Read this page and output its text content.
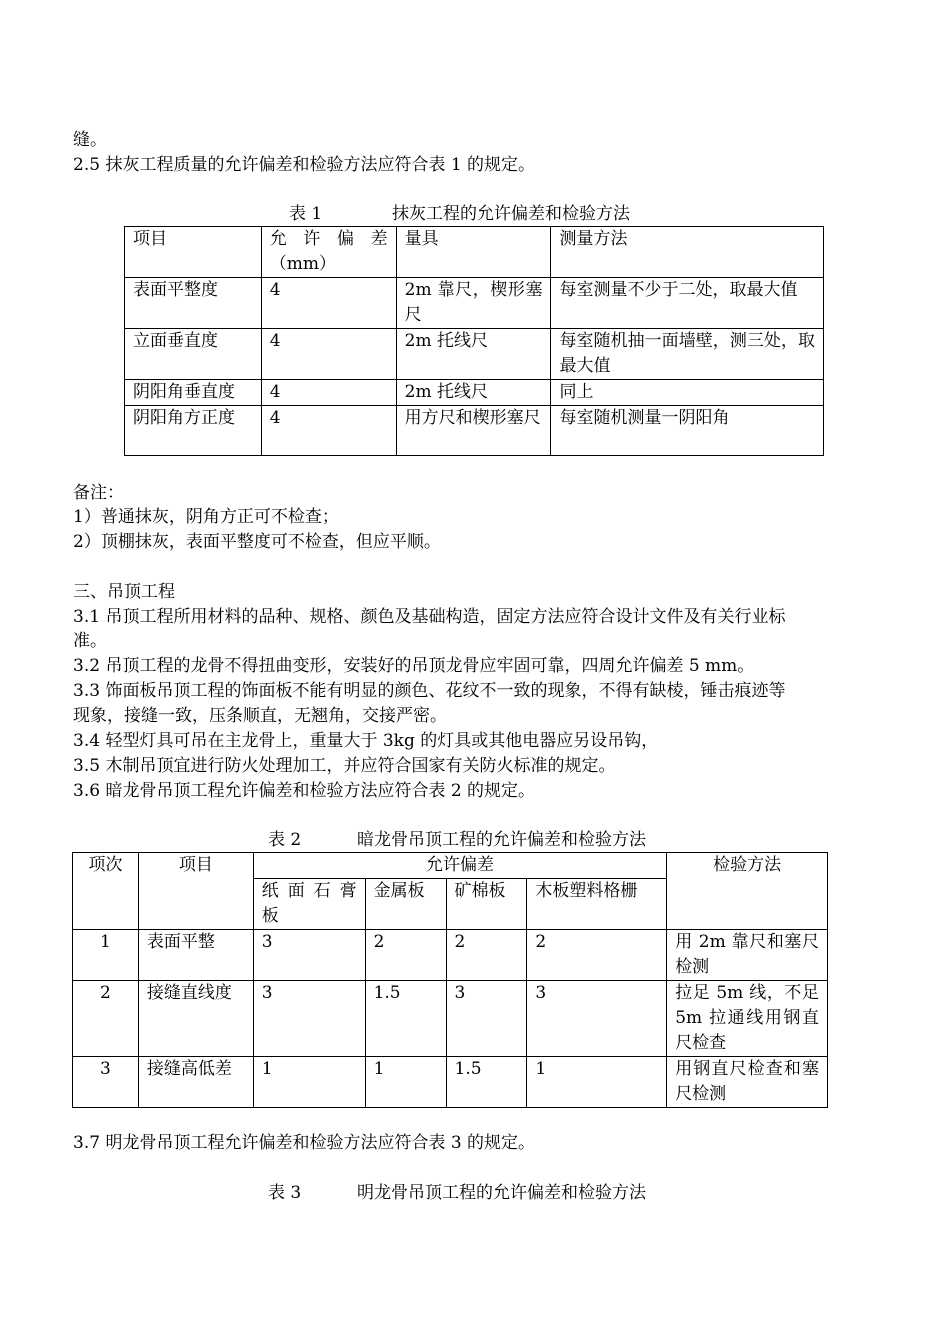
缝。
2.5 抹灰工程质量的允许偏差和检验方法应符合表 1 的规定。
表 1	抹灰工程的允许偏差和检验方法
项目	允 许 偏 差（mm）	量具	测量方法
表面平整度	4	2m 靠尺，楔形塞尺	每室测量不少于二处，取最大值
立面垂直度	4	2m 托线尺	每室随机抽一面墙壁，测三处，取最大值
阴阳角垂直度	4	2m 托线尺	同上
阴阳角方正度	4	用方尺和楔形塞尺	每室随机测量一阴阳角
备注：
1）普通抹灰，阴角方正可不检查；
2）顶棚抹灰，表面平整度可不检查，但应平顺。
三、吊顶工程
3.1 吊顶工程所用材料的品种、规格、颜色及基础构造，固定方法应符合设计文件及有关行业标
准。
3.2 吊顶工程的龙骨不得扭曲变形，安装好的吊顶龙骨应牢固可靠，四周允许偏差 5 mm。
3.3 饰面板吊顶工程的饰面板不能有明显的颜色、花纹不一致的现象，不得有缺棱，锤击痕迹等
现象，接缝一致，压条顺直，无翘角，交接严密。
3.4 轻型灯具可吊在主龙骨上，重量大于 3kg 的灯具或其他电器应另设吊钩，
3.5 木制吊顶宜进行防火处理加工，并应符合国家有关防火标准的规定。
3.6 暗龙骨吊顶工程允许偏差和检验方法应符合表 2 的规定。
表 2	暗龙骨吊顶工程的允许偏差和检验方法
项次	项目	允许偏差				检验方法
		纸 面 石 膏板	金属板	矿棉板	木板塑料格栅	
1	表面平整	3	2	2	2	用 2m 靠尺和塞尺检测
2	接缝直线度	3	1.5	3	3	拉足 5m 线，不足 5m 拉通线用钢直尺检查
3	接缝高低差	1	1	1.5	1	用钢直尺检查和塞尺检测
3.7 明龙骨吊顶工程允许偏差和检验方法应符合表 3 的规定。
表 3	明龙骨吊顶工程的允许偏差和检验方法
